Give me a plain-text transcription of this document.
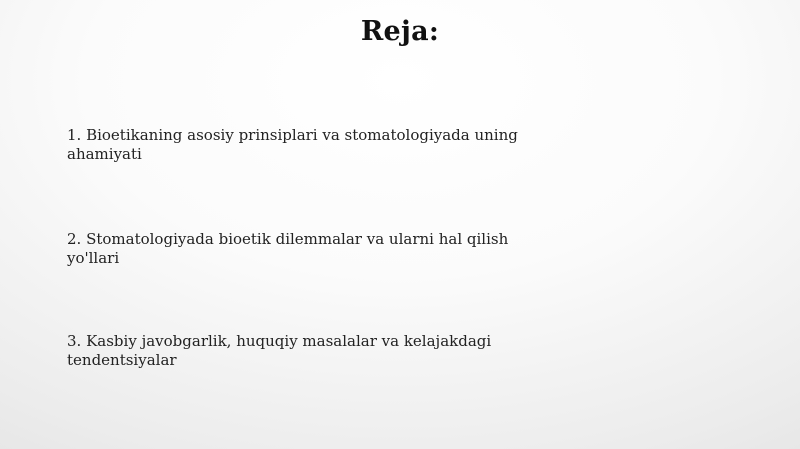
Reja:

1. Bioetikaning asosiy prinsiplari va stomatologiyada uning ahamiyati

2. Stomatologiyada bioetik dilemmalar va ularni hal qilish yo'llari

3. Kasbiy javobgarlik, huquqiy masalalar va kelajakdagi tendentsiyalar
